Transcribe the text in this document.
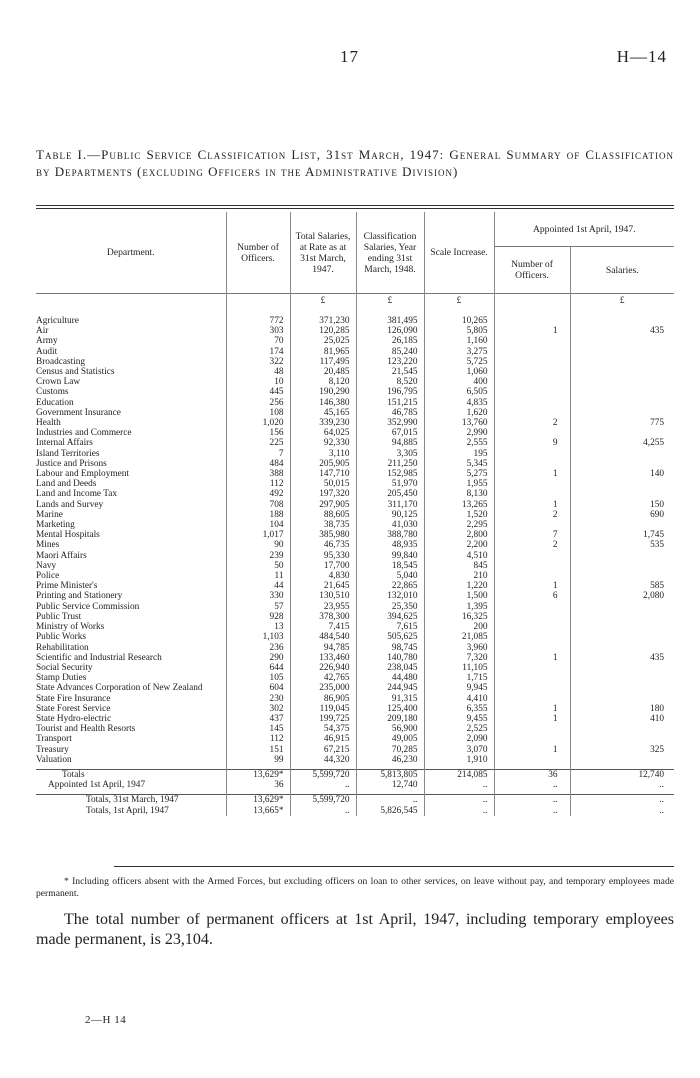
17	H—14
Table I.—Public Service Classification List, 31st March, 1947: General Summary of Classification by Departments (excluding Officers in the Administrative Division)
Department.	Number of Officers.	Total Salaries, at Rate as at 31st March, 1947.	Classification Salaries, Year ending 31st March, 1948.	Scale Increase.	Appointed 1st April, 1947.	
					Number of Officers.	Salaries.
		£	£	£		£

Agriculture	772	371,230	381,495	10,265		
Air	303	120,285	126,090	5,805	1	435
Army	70	25,025	26,185	1,160		
Audit	174	81,965	85,240	3,275		
Broadcasting	322	117,495	123,220	5,725		
Census and Statistics	48	20,485	21,545	1,060		
Crown Law	10	8,120	8,520	400		
Customs	445	190,290	196,795	6,505		
Education	256	146,380	151,215	4,835		
Government Insurance	108	45,165	46,785	1,620		
Health	1,020	339,230	352,990	13,760	2	775
Industries and Commerce	156	64,025	67,015	2,990		
Internal Affairs	225	92,330	94,885	2,555	9	4,255
Island Territories	7	3,110	3,305	195		
Justice and Prisons	484	205,905	211,250	5,345		
Labour and Employment	388	147,710	152,985	5,275	1	140
Land and Deeds	112	50,015	51,970	1,955		
Land and Income Tax	492	197,320	205,450	8,130		
Lands and Survey	708	297,905	311,170	13,265	1	150
Marine	188	88,605	90,125	1,520	2	690
Marketing	104	38,735	41,030	2,295		
Mental Hospitals	1,017	385,980	388,780	2,800	7	1,745
Mines	90	46,735	48,935	2,200	2	535
Maori Affairs	239	95,330	99,840	4,510		
Navy	50	17,700	18,545	845		
Police	11	4,830	5,040	210		
Prime Minister's	44	21,645	22,865	1,220	1	585
Printing and Stationery	330	130,510	132,010	1,500	6	2,080
Public Service Commission	57	23,955	25,350	1,395		
Public Trust	928	378,300	394,625	16,325		
Ministry of Works	13	7,415	7,615	200		
Public Works	1,103	484,540	505,625	21,085		
Rehabilitation	236	94,785	98,745	3,960		
Scientific and Industrial Research	290	133,460	140,780	7,320	1	435
Social Security	644	226,940	238,045	11,105		
Stamp Duties	105	42,765	44,480	1,715		
State Advances Corporation of New Zealand	604	235,000	244,945	9,945		
State Fire Insurance	230	86,905	91,315	4,410		
State Forest Service	302	119,045	125,400	6,355	1	180
State Hydro-electric	437	199,725	209,180	9,455	1	410
Tourist and Health Resorts	145	54,375	56,900	2,525		
Transport	112	46,915	49,005	2,090		
Treasury	151	67,215	70,285	3,070	1	325
Valuation	99	44,320	46,230	1,910		

Totals	13,629*	5,599,720	5,813,805	214,085	36	12,740
Appointed 1st April, 1947	36	..	12,740	..	..	..

Totals, 31st March, 1947	13,629*	5,599,720	..	..	..	..
Totals, 1st April, 1947	13,665*	..	5,826,545	..	..	..
* Including officers absent with the Armed Forces, but excluding officers on loan to other services, on leave without pay, and temporary employees made permanent.
The total number of permanent officers at 1st April, 1947, including temporary employees made permanent, is 23,104.
2—H 14
